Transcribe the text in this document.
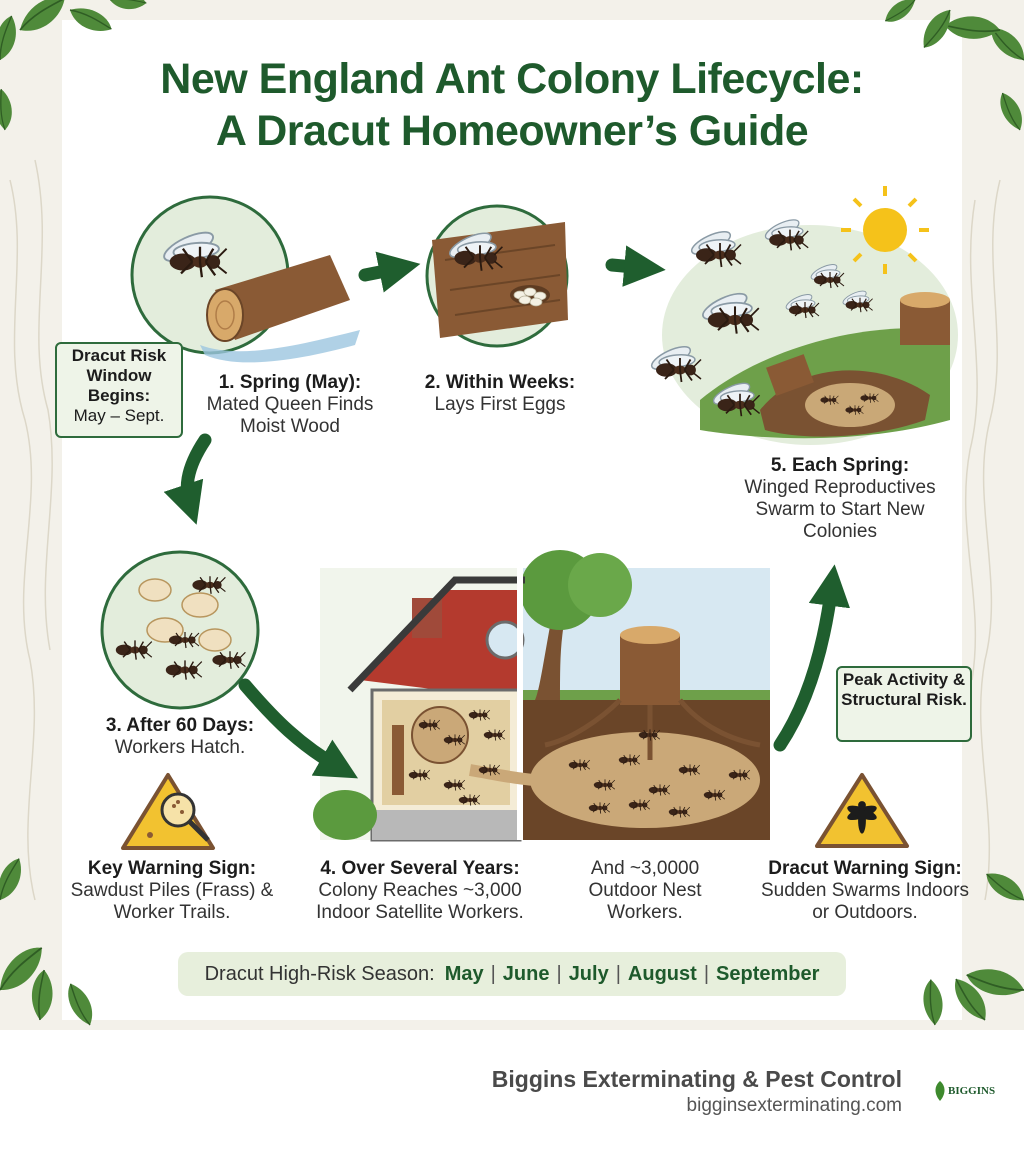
New England Ant Colony Lifecycle:
A Dracut Homeowner’s Guide
Dracut Risk Window Begins:
May – Sept.
1. Spring (May):
Mated Queen Finds Moist Wood
2. Within Weeks:
Lays First Eggs
5. Each Spring:
Winged Reproductives Swarm to Start New Colonies
3. After 60 Days:
Workers Hatch.
Peak Activity & Structural Risk.
Key Warning Sign:
Sawdust Piles (Frass) & Worker Trails.
4. Over Several Years:
Colony Reaches ~3,000 Indoor Satellite Workers.
And ~3,0000 Outdoor Nest Workers.
Dracut Warning Sign:
Sudden Swarms Indoors or Outdoors.
Dracut High-Risk Season: May | June | July | August | September
Biggins Exterminating & Pest Control
bigginsexterminating.com
BIGGINS
